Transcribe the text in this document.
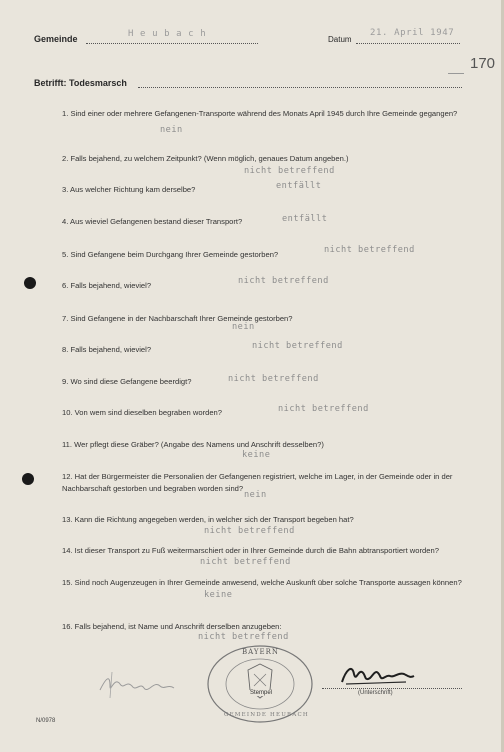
Gemeinde	H e u b a c h
Datum
21. April 1947
170
Betrifft: Todesmarsch
1. Sind einer oder mehrere Gefangenen-Transporte während des Monats April 1945 durch Ihre Gemeinde gegangen?
nein
2. Falls bejahend, zu welchem Zeitpunkt? (Wenn möglich, genaues Datum angeben.)
nicht betreffend
3. Aus welcher Richtung kam derselbe?	entfällt
4. Aus wieviel Gefangenen bestand dieser Transport?	entfällt
5. Sind Gefangene beim Durchgang Ihrer Gemeinde gestorben?	nicht betreffend
6. Falls bejahend, wieviel?	nicht betreffend
7. Sind Gefangene in der Nachbarschaft Ihrer Gemeinde gestorben?
nein
8. Falls bejahend, wieviel?	nicht betreffend
9. Wo sind diese Gefangene beerdigt?	nicht betreffend
10. Von wem sind dieselben begraben worden?	nicht betreffend
11. Wer pflegt diese Gräber? (Angabe des Namens und Anschrift desselben?)
keine
12. Hat der Bürgermeister die Personalien der Gefangenen registriert, welche im Lager, in der Gemeinde oder in der Nachbarschaft gestorben und begraben worden sind?
nein
13. Kann die Richtung angegeben werden, in welcher sich der Transport begeben hat?
nicht betreffend
14. Ist dieser Transport zu Fuß weitermarschiert oder in Ihrer Gemeinde durch die Bahn abtransportiert worden?
nicht betreffend
15. Sind noch Augenzeugen in Ihrer Gemeinde anwesend, welche Auskunft über solche Transporte aussagen können?
keine
16. Falls bejahend, ist Name und Anschrift derselben anzugeben:
nicht betreffend
BAYERN
GEMEINDE HEUBACH
Stempel	(Unterschrift)
N/0978
